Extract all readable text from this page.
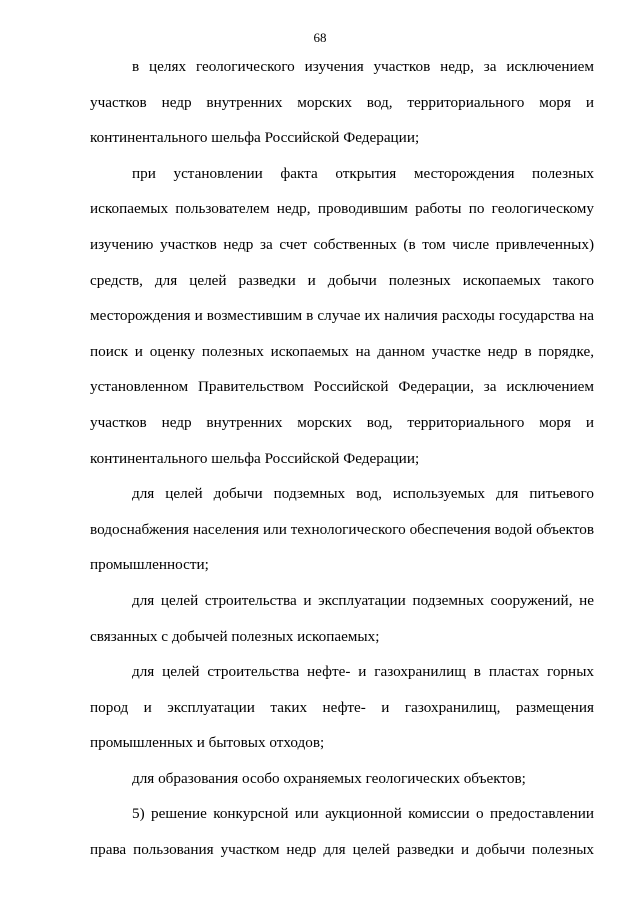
68
в целях геологического изучения участков недр, за исключением
участков недр внутренних морских вод, территориального моря и
континентального шельфа Российской Федерации;
при установлении факта открытия месторождения полезных
ископаемых пользователем недр, проводившим работы по геологическому
изучению участков недр за счет собственных (в том числе привлеченных)
средств, для целей разведки и добычи полезных ископаемых такого
месторождения и возместившим в случае их наличия расходы государства на
поиск и оценку полезных ископаемых на данном участке недр в порядке,
установленном Правительством Российской Федерации, за исключением
участков недр внутренних морских вод, территориального моря и
континентального шельфа Российской Федерации;
для целей добычи подземных вод, используемых для питьевого
водоснабжения населения или технологического обеспечения водой объектов
промышленности;
для целей строительства и эксплуатации подземных сооружений, не
связанных с добычей полезных ископаемых;
для целей строительства нефте- и газохранилищ в пластах горных
пород и эксплуатации таких нефте- и газохранилищ, размещения
промышленных и бытовых отходов;
для образования особо охраняемых геологических объектов;
5) решение конкурсной или аукционной комиссии о предоставлении
права пользования участком недр для целей разведки и добычи полезных
